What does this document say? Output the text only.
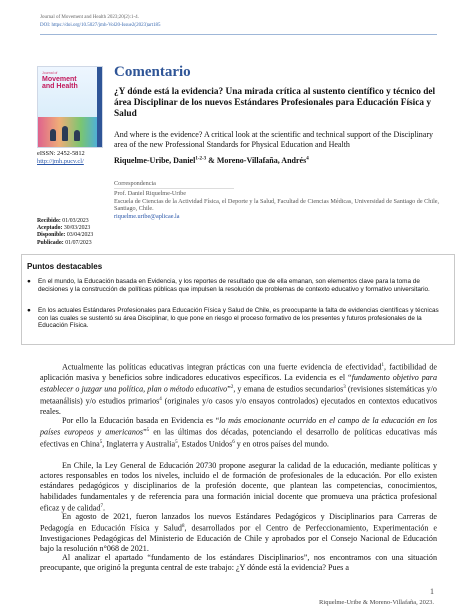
Journal of Movement and Health 2023;20(2):1-4.
DOI: https://doi.org/10.5027/jmh-Vol20-Issue2(2023)art185
Journal of
Movement and Health
eISSN: 2452-5812
http://jmh.pucv.cl/
Recibido: 01/03/2023
Aceptado: 30/03/2023
Disponible: 03/04/2023
Publicado: 01/07/2023
Comentario
¿Y dónde está la evidencia? Una mirada crítica al sustento científico y técnico del área Disciplinar de los nuevos Estándares Profesionales para Educación Física y Salud
And where is the evidence? A critical look at the scientific and technical support of the Disciplinary area of the new Professional Standards for Physical Education and Health
Riquelme-Uribe, Daniel$^{1-2-3}$ & Moreno-Villafaña, Andrés$^4$
Correspondencia
Prof. Daniel Riquelme-Uribe
Escuela de Ciencias de la Actividad Física, el Deporte y la Salud, Facultad de Ciencias Médicas, Universidad de Santiago de Chile, Santiago, Chile.
riquelme.uribe@aplicae.la
Puntos destacables
●	En el mundo, la Educación basada en Evidencia, y los reportes de resultado que de ella emanan, son elementos clave para la toma de decisiones y la construcción de políticas públicas que impulsen la resolución de problemas de contexto educativo y formativo universitario.
●	En los actuales Estándares Profesionales para Educación Física y Salud de Chile, es preocupante la falta de evidencias científicas y técnicas con las cuales se sustentó su área Disciplinar, lo que pone en riesgo el proceso formativo de los presentes y futuros profesionales de la Educación Física.
Actualmente las políticas educativas integran prácticas con una fuerte evidencia de efectividad$^1$, factibilidad de aplicación masiva y beneficios sobre indicadores educativos específicos. La evidencia es el “fundamento objetivo para establecer o juzgar una política, plan o método educativo”$^2$, y emana de estudios secundarios$^3$ (revisiones sistemáticas y/o metaanálisis) y/o estudios primarios$^4$ (originales y/o casos y/o ensayos controlados) ejecutados en contextos educativos reales.
Por ello la Educación basada en Evidencia es “lo más emocionante ocurrido en el campo de la educación en los países europeos y americanos”$^5$ en las últimas dos décadas, potenciando el desarrollo de políticas educativas más efectivas en China$^5$, Inglaterra y Australia$^5$, Estados Unidos$^6$ y en otros países del mundo.
En Chile, la Ley General de Educación 20730 propone asegurar la calidad de la educación, mediante políticas y actores responsables en todos los niveles, incluido el de formación de profesionales de la educación. Por ello existen estándares pedagógicos y disciplinarios de la profesión docente, que plantean las competencias, conocimientos, habilidades fundamentales y de referencia para una formación inicial docente que promueva una práctica profesional eficaz y de calidad$^7$.
En agosto de 2021, fueron lanzados los nuevos Estándares Pedagógicos y Disciplinarios para Carreras de Pedagogía en Educación Física y Salud$^8$, desarrollados por el Centro de Perfeccionamiento, Experimentación e Investigaciones Pedagógicas del Ministerio de Educación de Chile y aprobados por el Consejo Nacional de Educación bajo la resolución n°068 de 2021.
Al analizar el apartado “fundamento de los estándares Disciplinarios”, nos encontramos con una situación preocupante, que originó la pregunta central de este trabajo: ¿Y dónde está la evidencia? Pues a
1
Riquelme-Uribe & Moreno-Villafaña, 2023.
